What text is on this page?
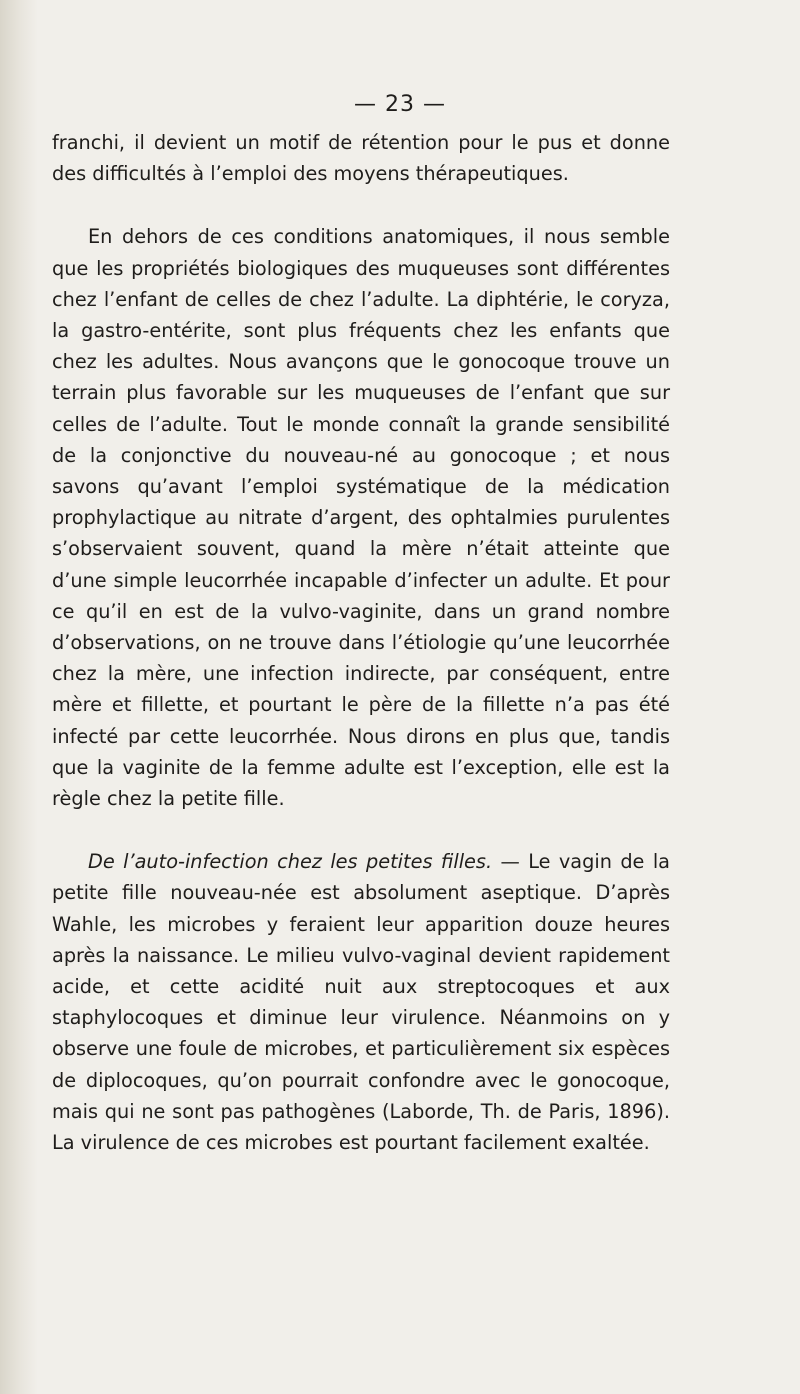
— 23 —

franchi, il devient un motif de rétention pour le pus et donne des difficultés à l’emploi des moyens thérapeutiques.

En dehors de ces conditions anatomiques, il nous semble que les propriétés biologiques des muqueuses sont différentes chez l’enfant de celles de chez l’adulte. La diphtérie, le coryza, la gastro-entérite, sont plus fréquents chez les enfants que chez les adultes. Nous avançons que le gonocoque trouve un terrain plus favorable sur les muqueuses de l’enfant que sur celles de l’adulte. Tout le monde connaît la grande sensibilité de la conjonctive du nouveau-né au gonocoque ; et nous savons qu’avant l’emploi systématique de la médication prophylactique au nitrate d’argent, des ophtalmies purulentes s’observaient souvent, quand la mère n’était atteinte que d’une simple leucorrhée incapable d’infecter un adulte. Et pour ce qu’il en est de la vulvo-vaginite, dans un grand nombre d’observations, on ne trouve dans l’étiologie qu’une leucorrhée chez la mère, une infection indirecte, par conséquent, entre mère et fillette, et pourtant le père de la fillette n’a pas été infecté par cette leucorrhée. Nous dirons en plus que, tandis que la vaginite de la femme adulte est l’exception, elle est la règle chez la petite fille.

De l’auto-infection chez les petites filles. — Le vagin de la petite fille nouveau-née est absolument aseptique. D’après Wahle, les microbes y feraient leur apparition douze heures après la naissance. Le milieu vulvo-vaginal devient rapidement acide, et cette acidité nuit aux streptocoques et aux staphylocoques et diminue leur virulence. Néanmoins on y observe une foule de microbes, et particulièrement six espèces de diplocoques, qu’on pourrait confondre avec le gonocoque, mais qui ne sont pas pathogènes (Laborde, Th. de Paris, 1896). La virulence de ces microbes est pourtant facilement exaltée.
